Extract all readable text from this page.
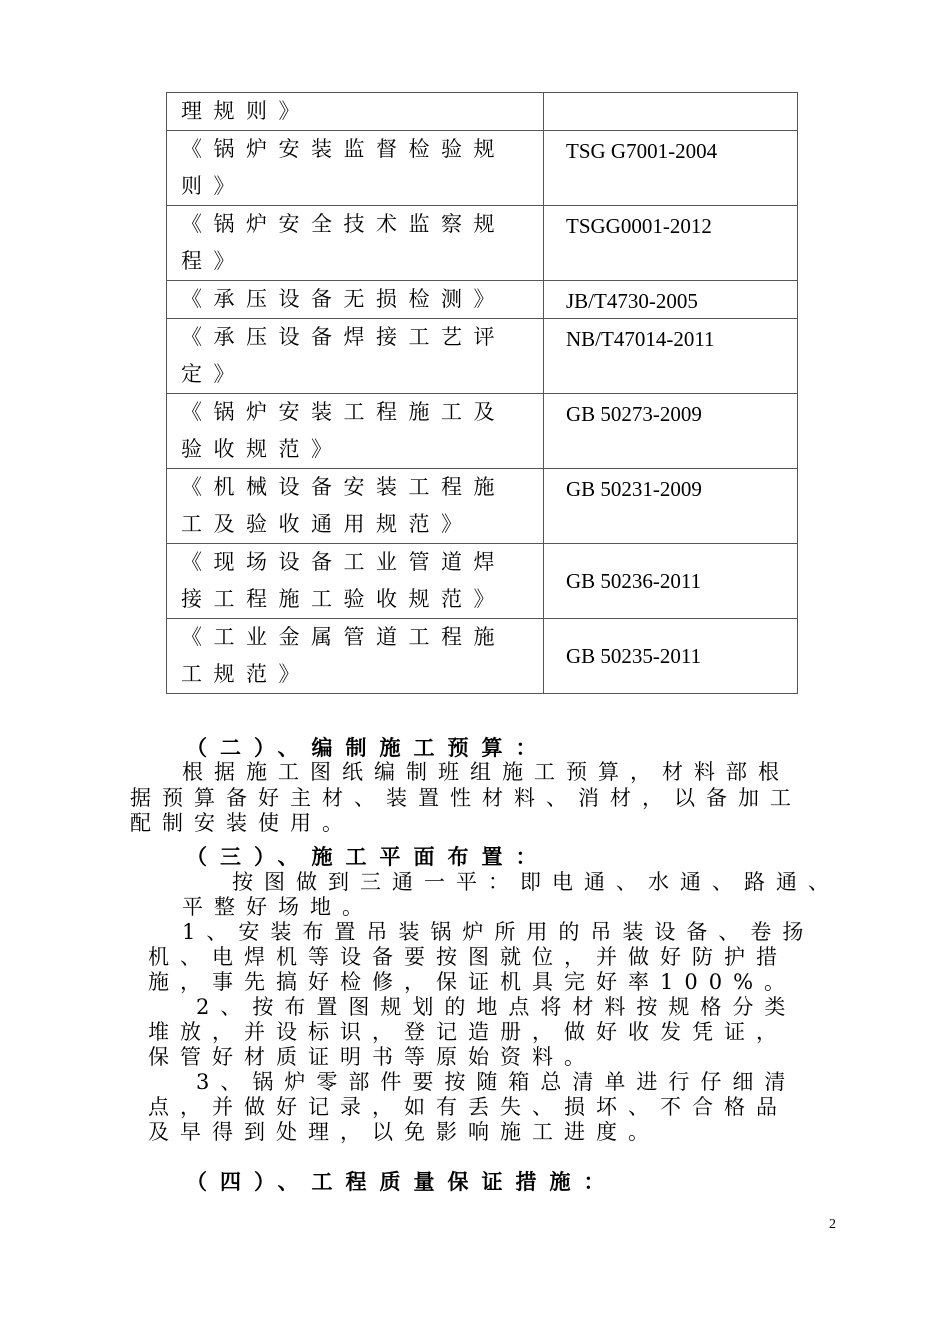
理规则》	

《锅炉安装监督检验规
则》	TSG G7001-2004

《锅炉安全技术监察规
程》	TSGG0001-2012

《承压设备无损检测》	JB/T4730-2005

《承压设备焊接工艺评
定》	NB/T47014-2011

《锅炉安装工程施工及
验收规范》	GB 50273-2009

《机械设备安装工程施
工及验收通用规范》	GB 50231-2009

《现场设备工业管道焊
接工程施工验收规范》	GB 50236-2011

《工业金属管道工程施
工规范》	GB 50235-2011
（二）、编制施工预算：
根据施工图纸编制班组施工预算，材料部根
据预算备好主材、装置性材料、消材，以备加工
配制安装使用。
（三）、施工平面布置：
按图做到三通一平：即电通、水通、路通、
平整好场地。
1、安装布置吊装锅炉所用的吊装设备、卷扬
机、电焊机等设备要按图就位，并做好防护措
施，事先搞好检修，保证机具完好率100%。
2、按布置图规划的地点将材料按规格分类
堆放，并设标识，登记造册，做好收发凭证，
保管好材质证明书等原始资料。
3、锅炉零部件要按随箱总清单进行仔细清
点，并做好记录，如有丢失、损坏、不合格品
及早得到处理，以免影响施工进度。
（四）、工程质量保证措施：
2
